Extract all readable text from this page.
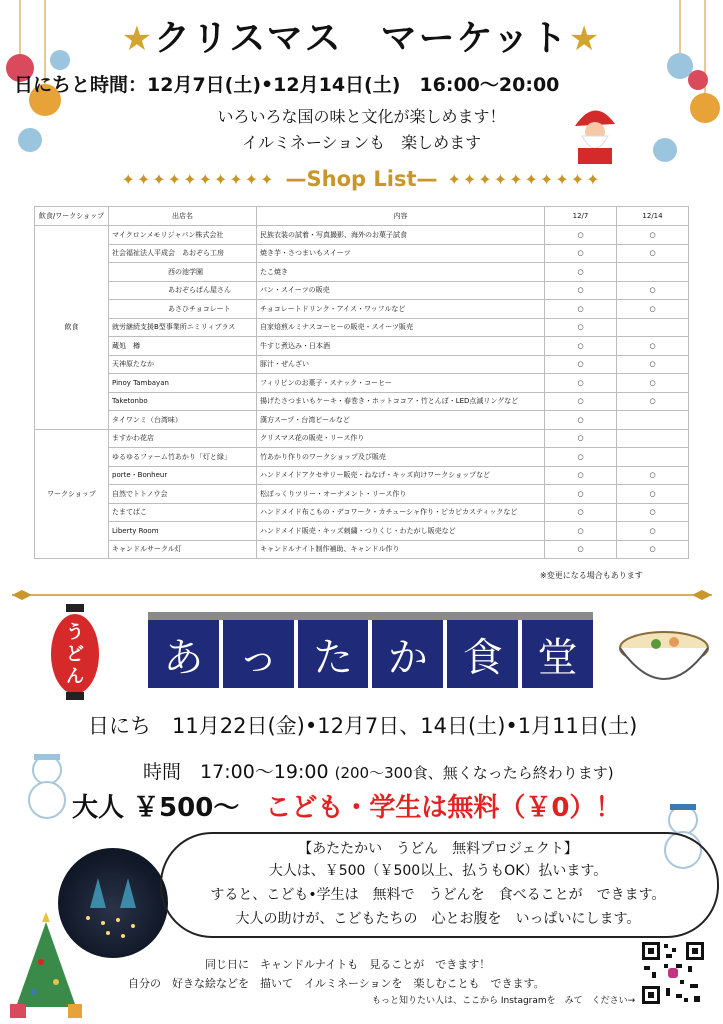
★クリスマス　マーケット★
日にちと時間：12月7日(土)•12月14日(土)　16:00～20:00
いろいろな国の味と文化が楽しめます！
イルミネーションも　楽しめます
✦✦✦✦✦✦✦✦✦✦ —Shop List— ✦✦✦✦✦✦✦✦✦✦
飲食/ワークショップ	出店名	内容	12/7	12/14
飲食	マイクロンメモリジャパン株式会社	民族衣装の試着・写真撮影、海外のお菓子試食	○	○
	社会福祉法人平成会　あおぞら工房	焼き芋・さつまいもスイーツ	○	○
	　　　　　　　　西の池学園	たこ焼き	○	
	　　　　　　　　あおぞらぱん屋さん	パン・スイーツの販売	○	○
	　　　　　　　　あさひチョコレート	チョコレートドリンク・アイス・ワッフルなど	○	○
	就労継続支援B型事業所ニミリィブラス	自家焙煎ルミナスコーヒーの販売・スイーツ販売	○	
	蔵処　樽	牛すじ煮込み・日本酒	○	○
	天神原たなか	豚汁・ぜんざい	○	○
	Pinoy Tambayan	フィリピンのお菓子・スナック・コーヒー	○	○
	Taketonbo	揚げたさつまいもケーキ・春巻き・ホットココア・竹とんぼ・LED点滅リングなど	○	○
	タイワンミ（台湾味）	漢方スープ・台湾ビールなど	○	
ワークショップ	ますかわ花店	クリスマス花の販売・リース作り	○	
	ゆるゆるファーム竹あかり「灯と緑」	竹あかり作りのワークショップ及び販売	○	
	porte・Bonheur	ハンドメイドアクセサリー販売・ねなげ・キッズ向けワークショップなど	○	○
	自然でトトノウ会	松ぼっくりツリー・オーナメント・リース作り	○	○
	たまてばこ	ハンドメイド布こもの・デコワーク・カチューシャ作り・ピカピカスティックなど	○	○
	Liberty Room	ハンドメイド販売・キッズ刺繍・つりくじ・わたがし販売など	○	○
	キャンドルサークル灯	キャンドルナイト制作補助、キャンドル作り	○	○
※変更になる場合もあります
うどん	あ っ た か 食 堂
日にち　11月22日(金)•12月7日、14日(土)•1月11日(土)
時間　 17:00～19:00 (200～300食、無くなったら終わります)
大人 ￥500～　 こども・学生は無料（￥0）！
【あたたかい　うどん　無料プロジェクト】
大人は、￥500（￥500以上、払うもOK）払います。
すると、こども•学生は　無料で　うどんを　食べることが　できます。
大人の助けが、こどもたちの　心とお腹を　いっぱいにします。
同じ日に　キャンドルナイトも　見ることが　できます！
自分の　好きな絵などを　描いて　イルミネーションを　楽しむことも　できます。
もっと知りたい人は、ここから Instagramを　みて　ください→
